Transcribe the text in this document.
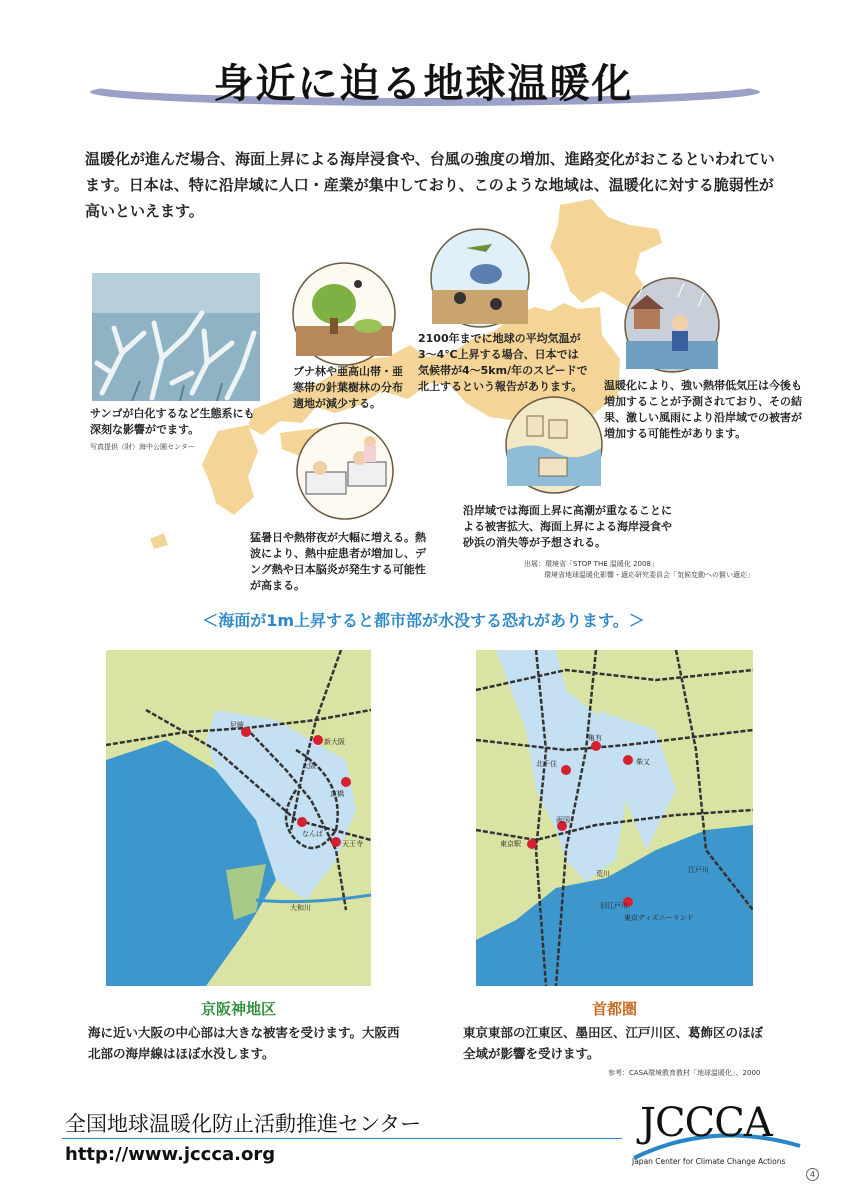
身近に迫る地球温暖化
温暖化が進んだ場合、海面上昇による海岸浸食や、台風の強度の増加、進路変化がおこるといわれています。日本は、特に沿岸域に人口・産業が集中しており、このような地域は、温暖化に対する脆弱性が高いといえます。
サンゴが白化するなど生態系にも深刻な影響がでます。
写真提供（財）海中公園センター
ブナ林や亜高山帯・亜寒帯の針葉樹林の分布適地が減少する。
2100年までに地球の平均気温が3～4℃上昇する場合、日本では気候帯が4～5km/年のスピードで北上するという報告があります。	温暖化により、強い熱帯低気圧は今後も増加することが予測されており、その結果、激しい風雨により沿岸域での被害が増加する可能性があります。
猛暑日や熱帯夜が大幅に増える。熱波により、熱中症患者が増加し、デング熱や日本脳炎が発生する可能性が高まる。
沿岸域では海面上昇に高潮が重なることによる被害拡大、海面上昇による海岸浸食や砂浜の消失等が予想される。
出展：環境省「STOP THE 温暖化 2008」
環境省地球温暖化影響・適応研究委員会「気候変動への賢い適応」
＜海面が1m上昇すると都市部が水没する恐れがあります。＞
尼崎
新大阪
大阪
京橋
なんば
天王寺
大和川
亀有
北千住	柴又
両国
東京駅
荒川	江戸川
旧江戸川
東京ディズニーランド
京阪神地区	首都圏
海に近い大阪の中心部は大きな被害を受けます。大阪西北部の海岸線はほぼ水没します。
東京東部の江東区、墨田区、江戸川区、葛飾区のほぼ全域が影響を受けます。
参考：CASA環境教育教材「地球温暖化」、2000
全国地球温暖化防止活動推進センター
http://www.jccca.org
JCCCA
Japan Center for Climate Change Actions
4
